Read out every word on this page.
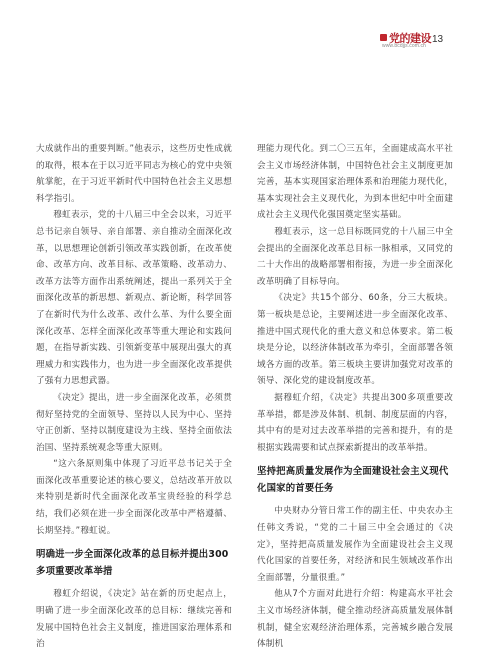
党的建设
www.bcdjjs.com.cn
13

大成就作出的重要判断。”他表示，这些历史性成就的取得，根本在于以习近平同志为核心的党中央领航掌舵，在于习近平新时代中国特色社会主义思想科学指引。

穆虹表示，党的十八届三中全会以来，习近平总书记亲自领导、亲自部署、亲自推动全面深化改革，以思想理论创新引领改革实践创新，在改革使命、改革方向、改革目标、改革策略、改革动力、改革方法等方面作出系统阐述，提出一系列关于全面深化改革的新思想、新观点、新论断，科学回答了在新时代为什么改革、改什么革、为什么要全面深化改革、怎样全面深化改革等重大理论和实践问题，在指导新实践、引领新变革中展现出强大的真理威力和实践伟力，也为进一步全面深化改革提供了强有力思想武器。

《决定》提出，进一步全面深化改革，必须贯彻好坚持党的全面领导、坚持以人民为中心、坚持守正创新、坚持以制度建设为主线、坚持全面依法治国、坚持系统观念等重大原则。

“这六条原则集中体现了习近平总书记关于全面深化改革重要论述的核心要义，总结改革开放以来特别是新时代全面深化改革宝贵经验的科学总结，我们必须在进一步全面深化改革中严格遵循、长期坚持。”穆虹说。

明确进一步全面深化改革的总目标并提出300多项重要改革举措

穆虹介绍说，《决定》站在新的历史起点上，明确了进一步全面深化改革的总目标：继续完善和发展中国特色社会主义制度，推进国家治理体系和治

理能力现代化。到二〇三五年，全面建成高水平社会主义市场经济体制，中国特色社会主义制度更加完善，基本实现国家治理体系和治理能力现代化，基本实现社会主义现代化，为到本世纪中叶全面建成社会主义现代化强国奠定坚实基础。

穆虹表示，这一总目标既同党的十八届三中全会提出的全面深化改革总目标一脉相承，又同党的二十大作出的战略部署相衔接，为进一步全面深化改革明确了目标导向。

《决定》共15个部分、60条，分三大板块。第一板块是总论，主要阐述进一步全面深化改革、推进中国式现代化的重大意义和总体要求。第二板块是分论，以经济体制改革为牵引，全面部署各领域各方面的改革。第三板块主要讲加强党对改革的领导、深化党的建设制度改革。

据穆虹介绍，《决定》共提出300多项重要改革举措，都是涉及体制、机制、制度层面的内容，其中有的是对过去改革举措的完善和提升，有的是根据实践需要和试点探索新提出的改革举措。

坚持把高质量发展作为全面建设社会主义现代化国家的首要任务

中央财办分管日常工作的副主任、中央农办主任韩文秀说，“党的二十届三中全会通过的《决定》，坚持把高质量发展作为全面建设社会主义现代化国家的首要任务，对经济和民生领域改革作出全面部署，分量很重。”

他从7个方面对此进行介绍：构建高水平社会主义市场经济体制，健全推动经济高质量发展体制机制，健全宏观经济治理体系，完善城乡融合发展体制机
